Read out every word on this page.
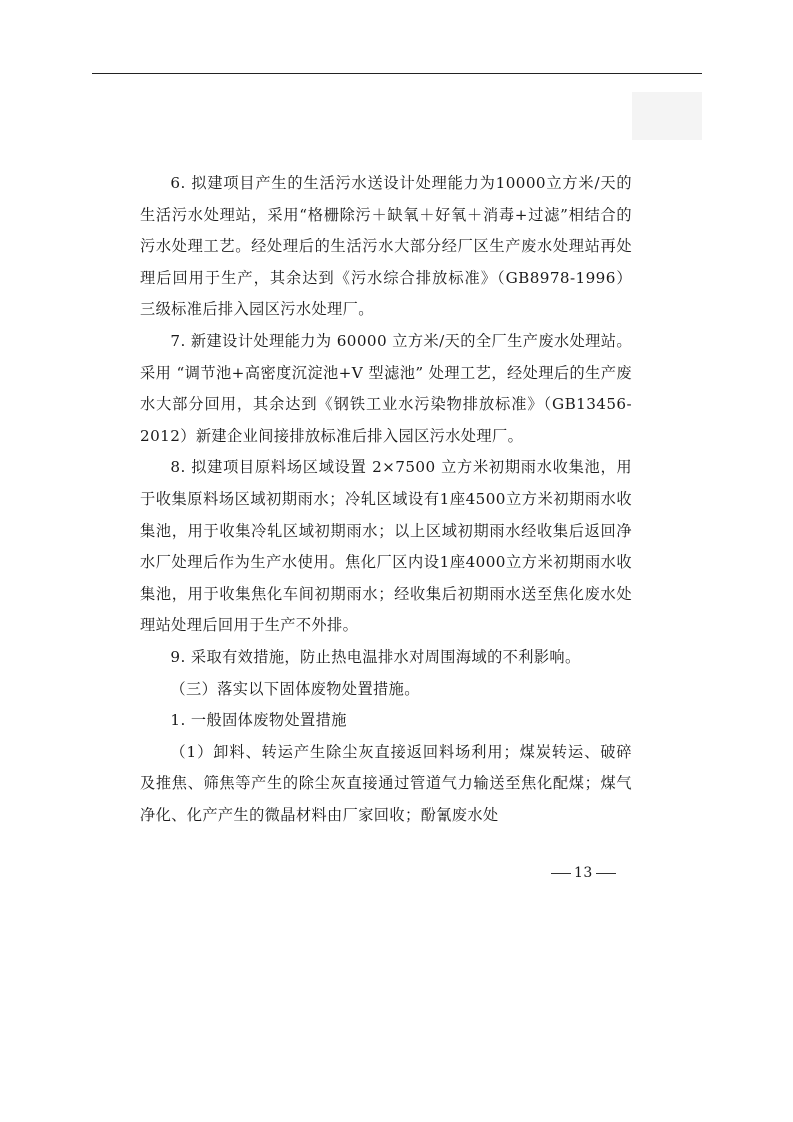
6. 拟建项目产生的生活污水送设计处理能力为10000立方米/天的生活污水处理站，采用“格栅除污＋缺氧＋好氧＋消毒+过滤”相结合的污水处理工艺。经处理后的生活污水大部分经厂区生产废水处理站再处理后回用于生产，其余达到《污水综合排放标准》（GB8978-1996）三级标准后排入园区污水处理厂。

7. 新建设计处理能力为 60000 立方米/天的全厂生产废水处理站。采用 “调节池+高密度沉淀池+V 型滤池” 处理工艺，经处理后的生产废水大部分回用，其余达到《钢铁工业水污染物排放标准》（GB13456-2012）新建企业间接排放标准后排入园区污水处理厂。

8. 拟建项目原料场区域设置 2×7500 立方米初期雨水收集池，用于收集原料场区域初期雨水；冷轧区域设有1座4500立方米初期雨水收集池，用于收集冷轧区域初期雨水；以上区域初期雨水经收集后返回净水厂处理后作为生产水使用。焦化厂区内设1座4000立方米初期雨水收集池，用于收集焦化车间初期雨水；经收集后初期雨水送至焦化废水处理站处理后回用于生产不外排。

9. 采取有效措施，防止热电温排水对周围海域的不利影响。

（三）落实以下固体废物处置措施。

1. 一般固体废物处置措施

（1）卸料、转运产生除尘灰直接返回料场利用；煤炭转运、破碎及推焦、筛焦等产生的除尘灰直接通过管道气力输送至焦化配煤；煤气净化、化产产生的微晶材料由厂家回收；酚氰废水处

13
